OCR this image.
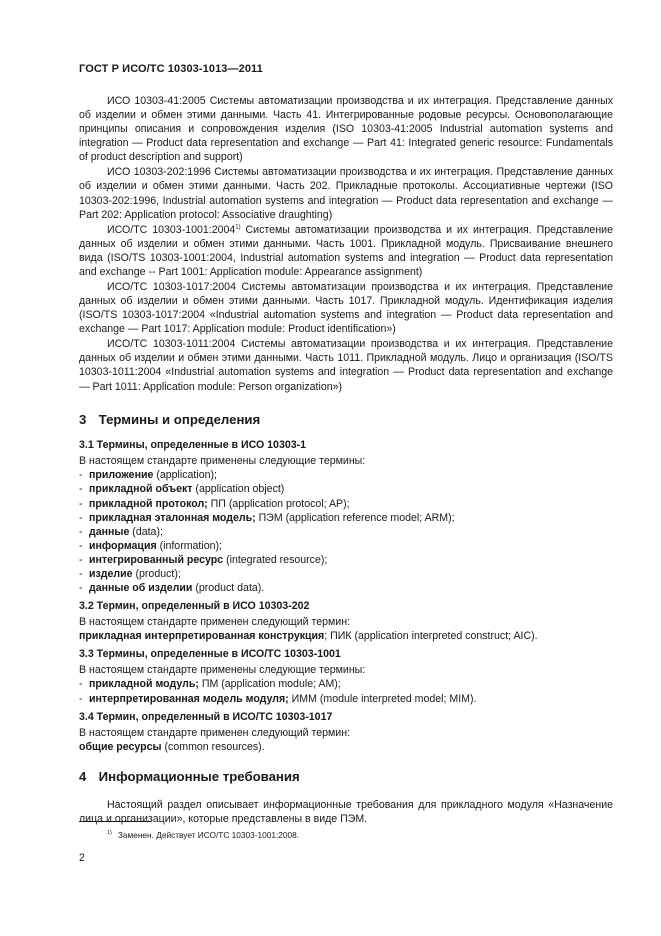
ГОСТ Р ИСО/ТС 10303-1013—2011

ИСО 10303-41:2005 Системы автоматизации производства и их интеграция. Представление данных об изделии и обмен этими данными. Часть 41. Интегрированные родовые ресурсы. Основополагающие принципы описания и сопровождения изделия (ISO 10303-41:2005 Industrial automation systems and integration — Product data representation and exchange — Part 41: Integrated generic resource: Fundamentals of product description and support)

ИСО 10303-202:1996 Системы автоматизации производства и их интеграция. Представление данных об изделии и обмен этими данными. Часть 202. Прикладные протоколы. Ассоциативные чертежи (ISO 10303-202:1996, Industrial automation systems and integration — Product data representation and exchange — Part 202: Application protocol: Associative draughting)

ИСО/ТС 10303-1001:2004$^{1)}$ Системы автоматизации производства и их интеграция. Представление данных об изделии и обмен этими данными. Часть 1001. Прикладной модуль. Присваивание внешнего вида (ISO/TS 10303-1001:2004, Industrial automation systems and integration — Product data representation and exchange -- Part 1001: Application module: Appearance assignment)

ИСО/ТС 10303-1017:2004 Системы автоматизации производства и их интеграция. Представление данных об изделии и обмен этими данными. Часть 1017. Прикладной модуль. Идентификация изделия (ISO/TS 10303-1017:2004 «Industrial automation systems and integration — Product data representation and exchange — Part 1017: Application module: Product identification»)

ИСО/ТС 10303-1011:2004 Системы автоматизации производства и их интеграция. Представление данных об изделии и обмен этими данными. Часть 1011. Прикладной модуль. Лицо и организация (ISO/TS 10303-1011:2004 «Industrial automation systems and integration — Product data representation and exchange — Part 1011: Application module: Person organization»)

3 Термины и определения
3.1 Термины, определенные в ИСО 10303-1

В настоящем стандарте применены следующие термины:

- приложение (application);

- прикладной объект (application object)

- прикладной протокол; ПП (application protocol; AP);

- прикладная эталонная модель; ПЭМ (application reference model; ARM);

- данные (data);

- информация (information);

- интегрированный ресурс (integrated resource);

- изделие (product);

- данные об изделии (product data).

3.2 Термин, определенный в ИСО 10303-202

В настоящем стандарте применен следующий термин:

прикладная интерпретированная конструкция; ПИК (application interpreted construct; AIC).

3.3 Термины, определенные в ИСО/ТС 10303-1001

В настоящем стандарте применены следующие термины:

- прикладной модуль; ПМ (application module; AM);

- интерпретированная модель модуля; ИММ (module interpreted model; MIM).

3.4 Термин, определенный в ИСО/ТС 10303-1017

В настоящем стандарте применен следующий термин:

общие ресурсы (common resources).

4 Информационные требования

Настоящий раздел описывает информационные требования для прикладного модуля «Назначение лица и организации», которые представлены в виде ПЭМ.

$^{1)}$ Заменен. Действует ИСО/ТС 10303-1001:2008.
2
